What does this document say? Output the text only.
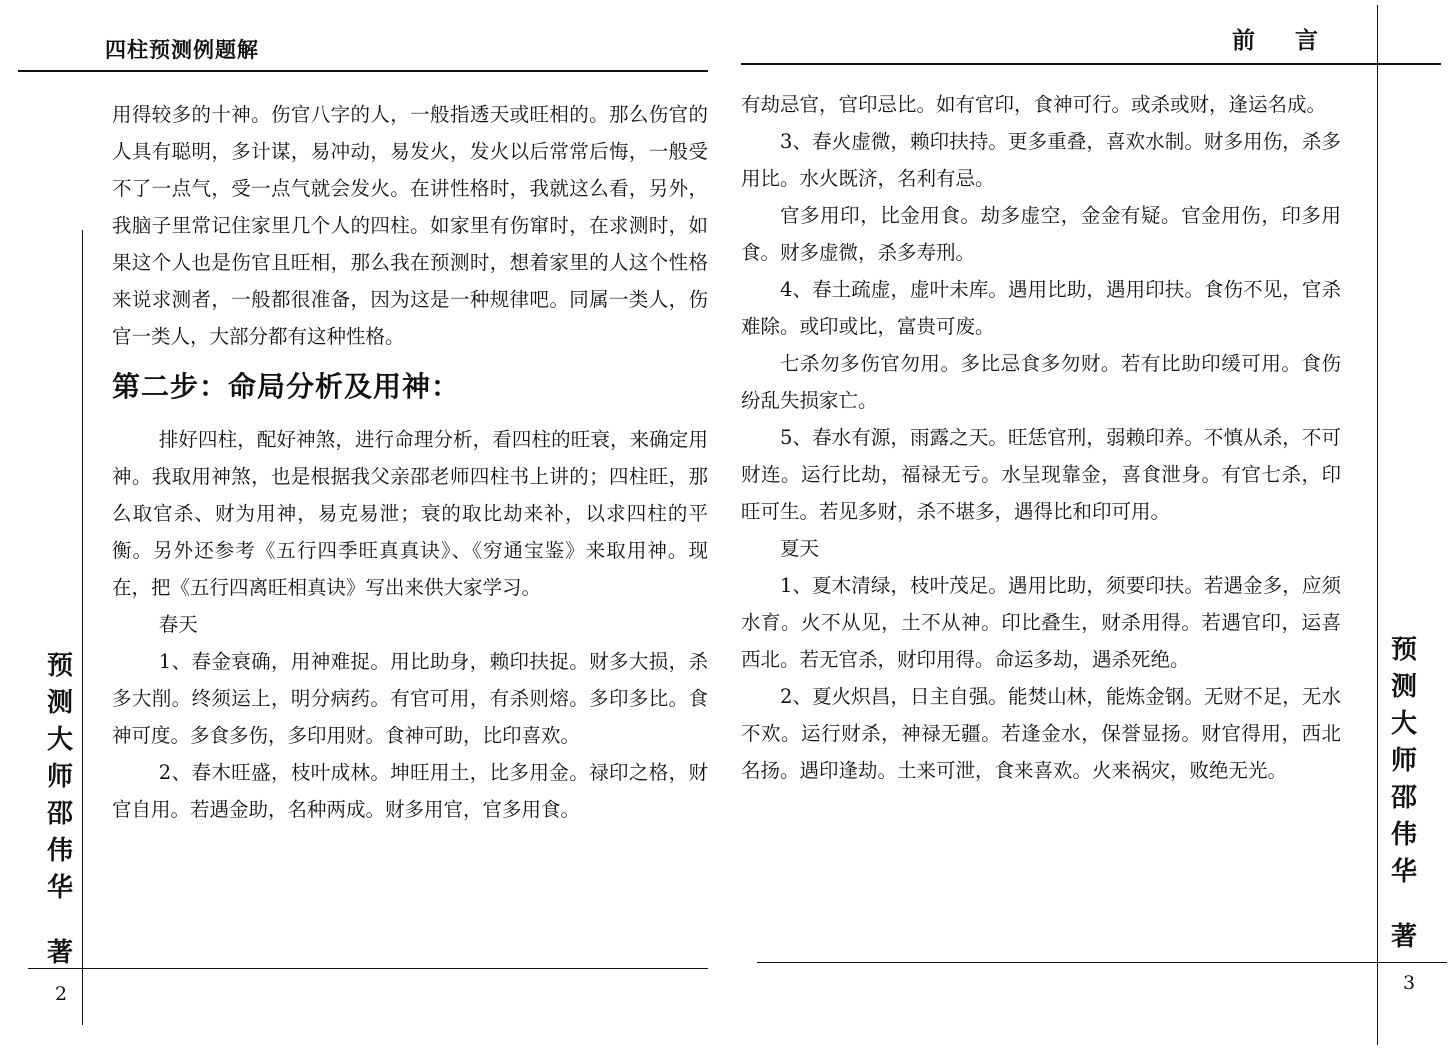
四柱预测例题解

用得较多的十神。伤官八字的人，一般指透天或旺相的。那么伤官的人具有聪明，多计谋，易冲动，易发火，发火以后常常后悔，一般受不了一点气，受一点气就会发火。在讲性格时，我就这么看，另外，我脑子里常记住家里几个人的四柱。如家里有伤窜时，在求测时，如果这个人也是伤官且旺相，那么我在预测时，想着家里的人这个性格来说求测者，一般都很准备，因为这是一种规律吧。同属一类人，伤官一类人，大部分都有这种性格。

第二步：命局分析及用神：

排好四柱，配好神煞，进行命理分析，看四柱的旺衰，来确定用神。我取用神煞，也是根据我父亲邵老师四柱书上讲的；四柱旺，那么取官杀、财为用神，易克易泄；衰的取比劫来补，以求四柱的平衡。另外还参考《五行四季旺真真诀》、《穷通宝鉴》来取用神。现在，把《五行四离旺相真诀》写出来供大家学习。

春天

1、春金衰确，用神难捉。用比助身，赖印扶捉。财多大损，杀多大削。终须运上，明分病药。有官可用，有杀则熔。多印多比。食神可度。多食多伤，多印用财。食神可助，比印喜欢。

2、春木旺盛，枝叶成林。坤旺用土，比多用金。禄印之格，财官自用。若遇金助，名种两成。财多用官，官多用食。

预
测
大
师
邵
伟
华
著
2
前言

有劫忌官，官印忌比。如有官印，食神可行。或杀或财，逢运名成。

3、春火虚微，赖印扶持。更多重叠，喜欢水制。财多用伤，杀多用比。水火既济，名利有忌。

官多用印，比金用食。劫多虚空，金金有疑。官金用伤，印多用食。财多虚微，杀多寿刑。

4、春土疏虚，虚叶未库。遇用比助，遇用印扶。食伤不见，官杀难除。或印或比，富贵可废。

七杀勿多伤官勿用。多比忌食多勿财。若有比助印缓可用。食伤纷乱失损家亡。

5、春水有源，雨露之天。旺恁官刑，弱赖印养。不慎从杀，不可财连。运行比劫，福禄无亏。水呈现靠金，喜食泄身。有官七杀，印旺可生。若见多财，杀不堪多，遇得比和印可用。

夏天

1、夏木清绿，枝叶茂足。遇用比助，须要印扶。若遇金多，应须水育。火不从见，土不从神。印比叠生，财杀用得。若遇官印，运喜西北。若无官杀，财印用得。命运多劫，遇杀死绝。

2、夏火炽昌，日主自强。能焚山林，能炼金钢。无财不足，无水不欢。运行财杀，神禄无疆。若逢金水，保誉显扬。财官得用，西北名扬。遇印逢劫。土来可泄，食来喜欢。火来祸灾，败绝无光。

预
测
大
师
邵
伟
华
著
3
